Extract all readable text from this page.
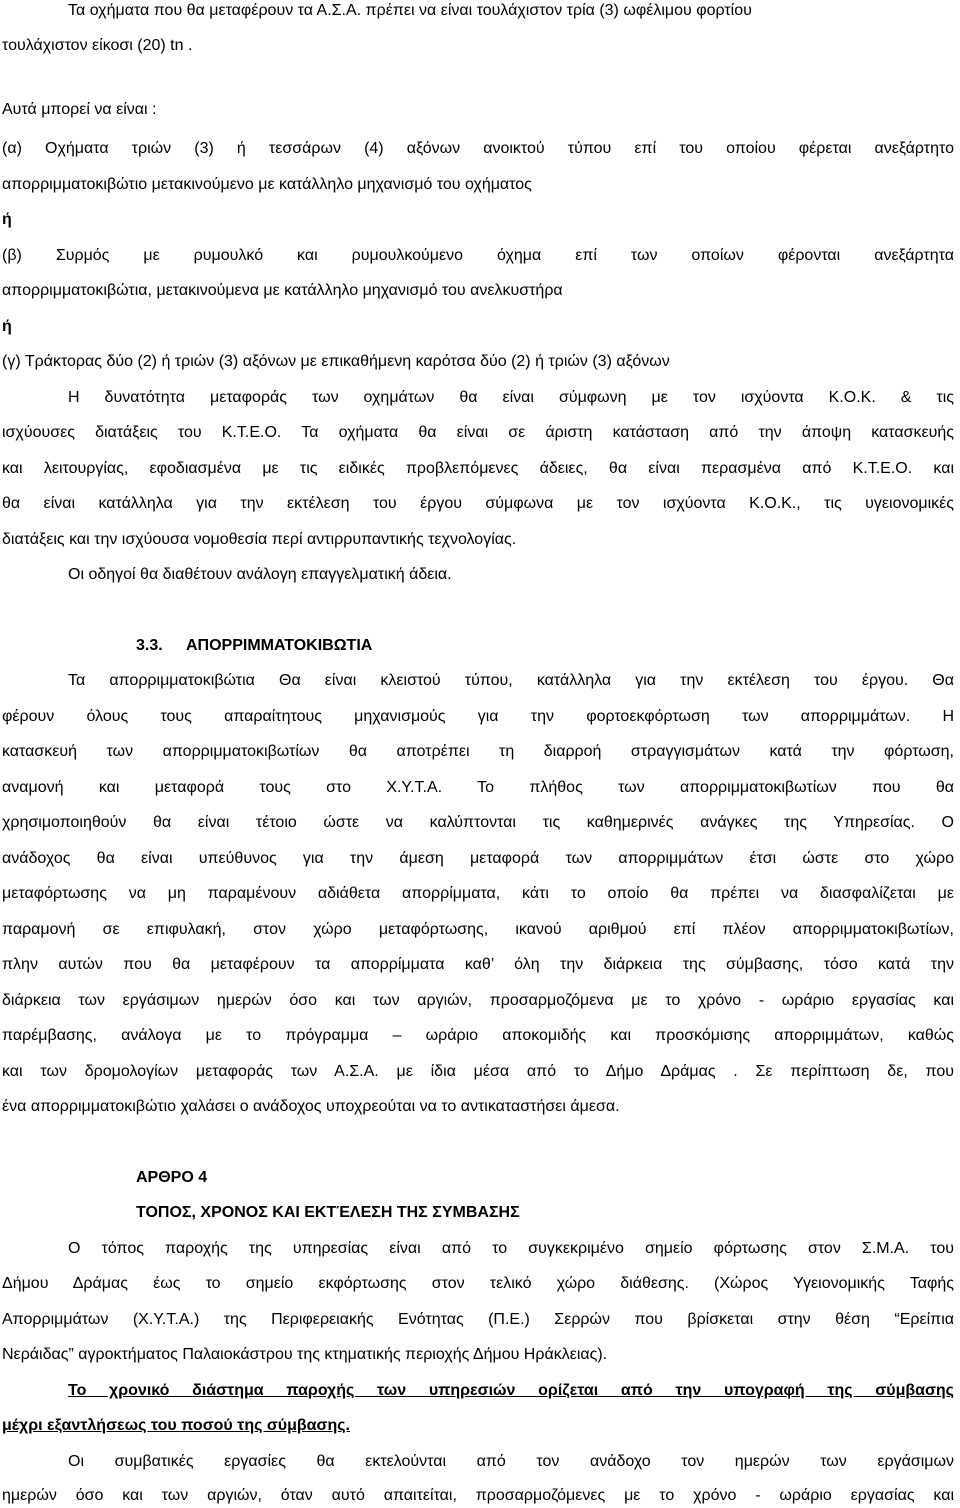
Τα οχήματα που θα μεταφέρουν τα Α.Σ.Α. πρέπει να είναι τουλάχιστον τρία (3) ωφέλιμου φορτίου
τουλάχιστον είκοσι (20) tn .
Αυτά μπορεί να είναι :
(α) Οχήματα τριών (3) ή τεσσάρων (4) αξόνων ανοικτού τύπου επί του οποίου φέρεται ανεξάρτητο
απορριμματοκιβώτιο μετακινούμενο με κατάλληλο μηχανισμό του οχήματος
ή
(β) Συρμός με ρυμουλκό και ρυμουλκούμενο όχημα επί των οποίων φέρονται ανεξάρτητα
απορριμματοκιβώτια, μετακινούμενα με κατάλληλο μηχανισμό του ανελκυστήρα
ή
(γ) Τράκτορας δύο (2) ή τριών (3) αξόνων με επικαθήμενη καρότσα δύο (2) ή τριών (3) αξόνων
Η δυνατότητα μεταφοράς των οχημάτων θα είναι σύμφωνη με τον ισχύοντα Κ.Ο.Κ. & τις
ισχύουσες διατάξεις του Κ.Τ.Ε.Ο. Τα οχήματα θα είναι σε άριστη κατάσταση από την άποψη κατασκευής
και λειτουργίας, εφοδιασμένα με τις ειδικές προβλεπόμενες άδειες, θα είναι περασμένα από Κ.Τ.Ε.Ο. και
θα είναι κατάλληλα για την εκτέλεση του έργου σύμφωνα με τον ισχύοντα Κ.Ο.Κ., τις υγειονομικές
διατάξεις και την ισχύουσα νομοθεσία περί αντιρρυπαντικής τεχνολογίας.
Οι οδηγοί θα διαθέτουν ανάλογη επαγγελματική άδεια.
3.3. ΑΠΟΡΡΙΜΜΑΤΟΚΙΒΩΤΙΑ
Τα απορριμματοκιβώτια Θα είναι κλειστού τύπου, κατάλληλα για την εκτέλεση του έργου. Θα
φέρουν όλους τους απαραίτητους μηχανισμούς για την φορτοεκφόρτωση των απορριμμάτων. Η
κατασκευή των απορριμματοκιβωτίων θα αποτρέπει τη διαρροή στραγγισμάτων κατά την φόρτωση,
αναμονή και μεταφορά τους στο Χ.Υ.Τ.Α. Το πλήθος των απορριμματοκιβωτίων που θα
χρησιμοποιηθούν θα είναι τέτοιο ώστε να καλύπτονται τις καθημερινές ανάγκες της Υπηρεσίας. Ο
ανάδοχος θα είναι υπεύθυνος για την άμεση μεταφορά των απορριμμάτων έτσι ώστε στο χώρο
μεταφόρτωσης να μη παραμένουν αδιάθετα απορρίμματα, κάτι το οποίο θα πρέπει να διασφαλίζεται με
παραμονή σε επιφυλακή, στον χώρο μεταφόρτωσης, ικανού αριθμού επί πλέον απορριμματοκιβωτίων,
πλην αυτών που θα μεταφέρουν τα απορρίμματα καθ’ όλη την διάρκεια της σύμβασης, τόσο κατά την
διάρκεια των εργάσιμων ημερών όσο και των αργιών, προσαρμοζόμενα με το χρόνο - ωράριο εργασίας και
παρέμβασης, ανάλογα με το πρόγραμμα – ωράριο αποκομιδής και προσκόμισης απορριμμάτων, καθώς
και των δρομολογίων μεταφοράς των Α.Σ.Α. με ίδια μέσα από το Δήμο Δράμας . Σε περίπτωση δε, που
ένα απορριμματοκιβώτιο χαλάσει ο ανάδοχος υποχρεούται να το αντικαταστήσει άμεσα.
ΑΡΘΡΟ 4
ΤΟΠΟΣ, ΧΡΟΝΟΣ ΚΑΙ ΕΚΤΈΛΕΣΗ ΤΗΣ ΣΥΜΒΑΣΗΣ
Ο τόπος παροχής της υπηρεσίας είναι από το συγκεκριμένο σημείο φόρτωσης στον Σ.Μ.Α. του
Δήμου Δράμας έως το σημείο εκφόρτωσης στον τελικό χώρο διάθεσης. (Χώρος Υγειονομικής Ταφής
Απορριμμάτων (Χ.Υ.Τ.Α.) της Περιφερειακής Ενότητας (Π.Ε.) Σερρών που βρίσκεται στην θέση “Ερείπια
Νεράιδας” αγροκτήματος Παλαιοκάστρου της κτηματικής περιοχής Δήμου Ηράκλειας).
Το χρονικό διάστημα παροχής των υπηρεσιών ορίζεται από την υπογραφή της σύμβασης
μέχρι εξαντλήσεως του ποσού της σύμβασης.
Οι συμβατικές εργασίες θα εκτελούνται από τον ανάδοχο τον ημερών των εργάσιμων
ημερών όσο και των αργιών, όταν αυτό απαιτείται, προσαρμοζόμενες με το χρόνο - ωράριο εργασίας και
